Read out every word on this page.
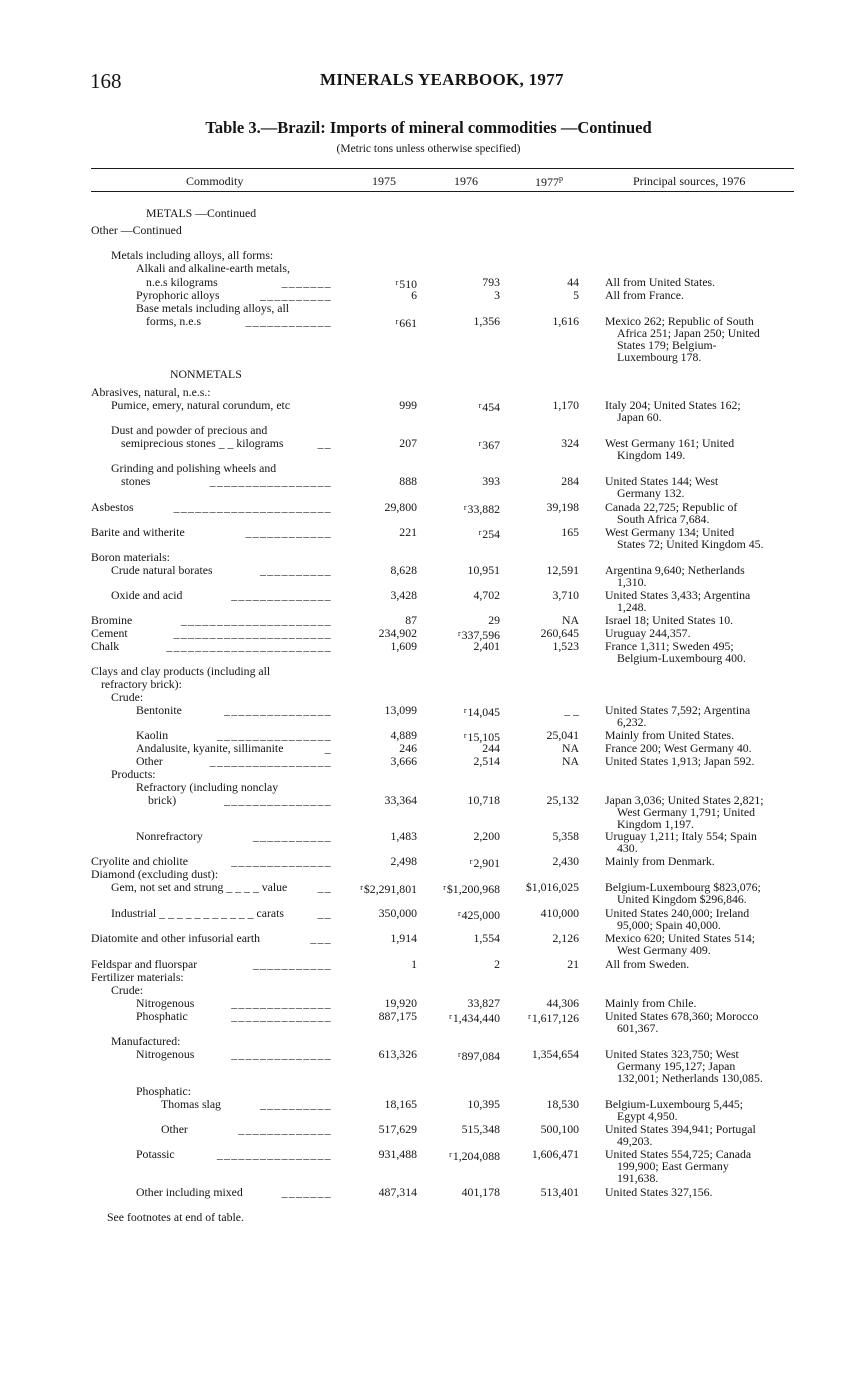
168	MINERALS YEARBOOK, 1977
Table 3.—Brazil: Imports of mineral commodities —Continued
(Metric tons unless otherwise specified)
Commodity	1975	1976	1977$^p$	Principal sources, 1976
METALS —Continued
Other —Continued
Metals including alloys, all forms:
Alkali and alkaline-earth metals,
n.e.s kilograms	_______	$^r$510	793	44 All from United States.
Pyrophoric alloys	__________	6	3	5 All from France.
Base metals including alloys, all
forms, n.e.s	____________	$^r$661	1,356	1,616 Mexico 262; Republic of South

Africa 251; Japan 250; United
States 179; Belgium-
Luxembourg 178.
NONMETALS
Abrasives, natural, n.e.s.:
Pumice, emery, natural corundum, etc	999	$^r$454	1,170 Italy 204; United States 162;

Japan 60.
Dust and powder of precious and
semiprecious stones _ _ kilograms	__	207	$^r$367	324 West Germany 161; United

Kingdom 149.
Grinding and polishing wheels and
stones	_________________	888	393	284 United States 144; West

Germany 132.
Asbestos	______________________	29,800	$^r$33,882	39,198 Canada 22,725; Republic of

South Africa 7,684.
Barite and witherite	____________	221	$^r$254	165 West Germany 134; United

States 72; United Kingdom 45.
Boron materials:
Crude natural borates	__________	8,628	10,951	12,591 Argentina 9,640; Netherlands

1,310.
Oxide and acid	______________	3,428	4,702	3,710 United States 3,433; Argentina

1,248.
Bromine	_____________________	87	29	NA Israel 18; United States 10.
Cement	______________________	234,902	$^r$337,596	260,645 Uruguay 244,357.
Chalk	_______________________	1,609	2,401	1,523 France 1,311; Sweden 495;

Belgium-Luxembourg 400.
Clays and clay products (including all
refractory brick):
Crude:
Bentonite	_______________	13,099	$^r$14,045	_ _ United States 7,592; Argentina

6,232.
Kaolin	________________	4,889	$^r$15,105	25,041 Mainly from United States.
Andalusite, kyanite, sillimanite	_	246	244	NA France 200; West Germany 40.
Other	_________________	3,666	2,514	NA United States 1,913; Japan 592.
Products:
Refractory (including nonclay
brick)	_______________	33,364	10,718	25,132 Japan 3,036; United States 2,821;

West Germany 1,791; United
Kingdom 1,197.
Nonrefractory	___________	1,483	2,200	5,358 Uruguay 1,211; Italy 554; Spain

430.
Cryolite and chiolite	______________	2,498	$^r$2,901	2,430 Mainly from Denmark.
Diamond (excluding dust):
Gem, not set and strung _ _ _ _ value	__	$^r$\$2,291,801	$^r$\$1,200,968	$1,016,025 Belgium-Luxembourg $823,076;

United Kingdom $296,846.
Industrial _ _ _ _ _ _ _ _ _ _ _ carats	__	350,000	$^r$425,000	410,000 United States 240,000; Ireland

95,000; Spain 40,000.
Diatomite and other infusorial earth	___	1,914	1,554	2,126 Mexico 620; United States 514;

West Germany 409.
Feldspar and fluorspar	___________	1	2	21 All from Sweden.
Fertilizer materials:
Crude:
Nitrogenous	______________	19,920	33,827	44,306 Mainly from Chile.
Phosphatic	______________	887,175	$^r$1,434,440	$^r$1,617,126 United States 678,360; Morocco

601,367.
Manufactured:
Nitrogenous	______________	613,326	$^r$897,084	1,354,654 United States 323,750; West

Germany 195,127; Japan
132,001; Netherlands 130,085.
Phosphatic:
Thomas slag	__________	18,165	10,395	18,530 Belgium-Luxembourg 5,445;

Egypt 4,950.
Other	_____________	517,629	515,348	500,100 United States 394,941; Portugal

49,203.
Potassic	________________	931,488	$^r$1,204,088	1,606,471 United States 554,725; Canada

199,900; East Germany
191,638.
Other including mixed	_______	487,314	401,178	513,401 United States 327,156.
See footnotes at end of table.
